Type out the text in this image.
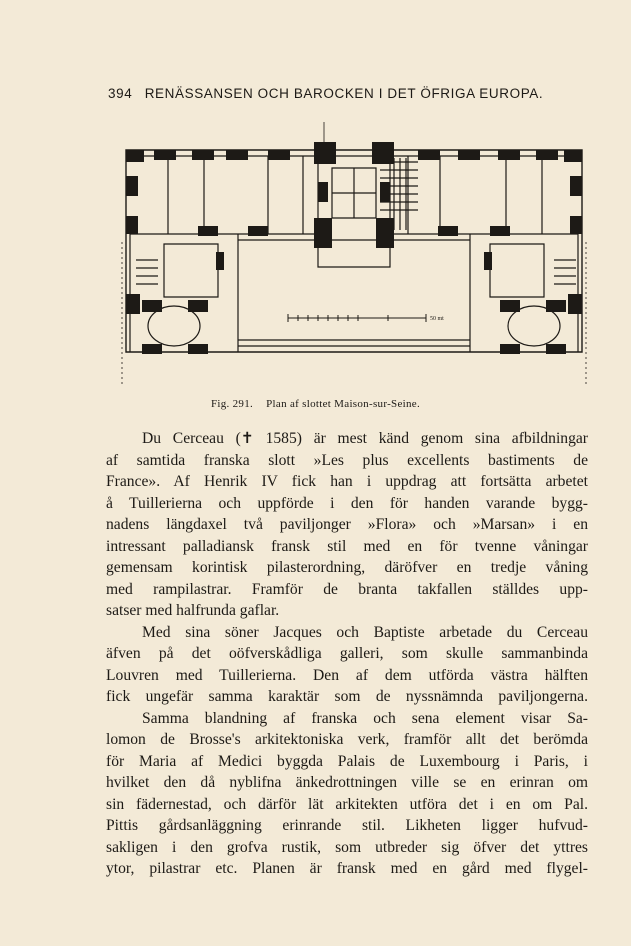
394 RENÄSSANSEN OCH BAROCKEN I DET ÖFRIGA EUROPA.
50 mt
Fig. 291. Plan af slottet Maison-sur-Seine.
Du Cerceau (✝ 1585) är mest känd genom sina afbildningar
af samtida franska slott »Les plus excellents bastiments de
France». Af Henrik IV fick han i uppdrag att fortsätta arbetet
å Tuillerierna och uppförde i den för handen varande bygg-
nadens längdaxel två paviljonger »Flora» och »Marsan» i en
intressant palladiansk fransk stil med en för tvenne våningar
gemensam korintisk pilasterordning, däröfver en tredje våning
med rampilastrar. Framför de branta takfallen ställdes upp-
satser med halfrunda gaflar.
Med sina söner Jacques och Baptiste arbetade du Cerceau
äfven på det oöfverskådliga galleri, som skulle sammanbinda
Louvren med Tuillerierna. Den af dem utförda västra hälften
fick ungefär samma karaktär som de nyssnämnda paviljongerna.
Samma blandning af franska och sena element visar Sa-
lomon de Brosse's arkitektoniska verk, framför allt det berömda
för Maria af Medici byggda Palais de Luxembourg i Paris, i
hvilket den då nyblifna änkedrottningen ville se en erinran om
sin fädernestad, och därför lät arkitekten utföra det i en om Pal.
Pittis gårdsanläggning erinrande stil. Likheten ligger hufvud-
sakligen i den grofva rustik, som utbreder sig öfver det yttres
ytor, pilastrar etc. Planen är fransk med en gård med flygel-
